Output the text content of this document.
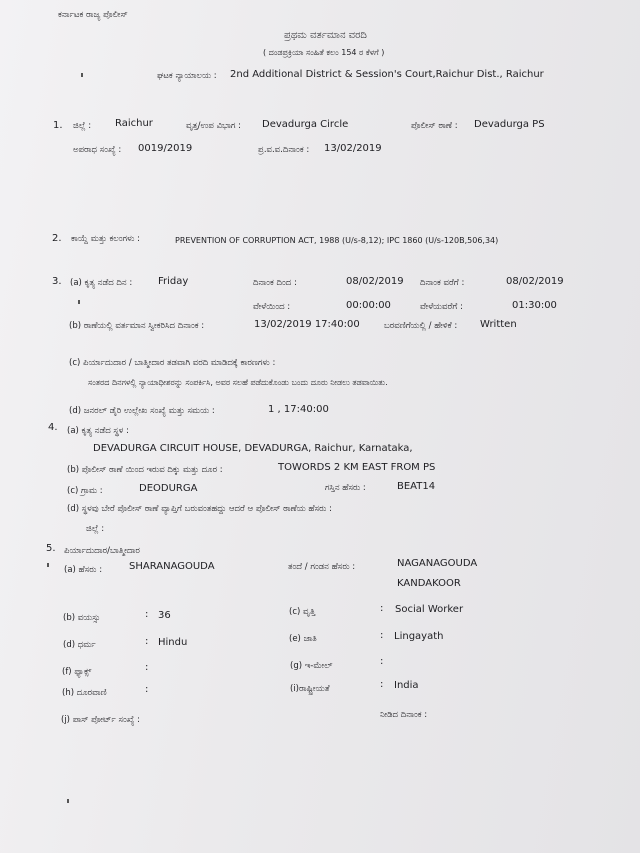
ಕರ್ನಾಟಕ ರಾಜ್ಯ ಪೊಲೀಸ್
ಪ್ರಥಮ ವರ್ತಮಾನ ವರದಿ
( ದಂಡಪ್ರಕ್ರಿಯಾ ಸಂಹಿತೆ ಕಲಂ 154 ರ ಕೆಳಗೆ )
ಘಟಕ ನ್ಯಾಯಾಲಯ : 2nd Additional District & Session's Court,Raichur Dist., Raichur
1. ಜಿಲ್ಲೆ : Raichur	ವೃತ್ತ/ಉಪ ವಿಭಾಗ : Devadurga Circle	ಪೊಲೀಸ್ ಠಾಣೆ : Devadurga PS
ಅಪರಾಧ ಸಂಖ್ಯೆ : 0019/2019	ಪ್ರ.ವ.ವ.ದಿನಾಂಕ : 13/02/2019
2. ಕಾಯ್ದೆ ಮತ್ತು ಕಲಂಗಳು :	PREVENTION OF CORRUPTION ACT, 1988 (U/s-8,12); IPC 1860 (U/s-120B,506,34)
3. (a) ಕೃತ್ಯ ನಡೆದ ದಿನ :	Friday	ದಿನಾಂಕ ದಿಂದ :	08/02/2019 ದಿನಾಂಕ ವರೆಗೆ :	08/02/2019
ವೇಳೆಯಿಂದ :	00:00:00	ವೇಳೆಯವರೆಗೆ :	01:30:00
(b) ಠಾಣೆಯಲ್ಲಿ ವರ್ತಮಾನ ಸ್ವೀಕರಿಸಿದ ದಿನಾಂಕ :	13/02/2019 17:40:00	ಬರವಣಿಗೆಯಲ್ಲಿ / ಹೇಳಿಕೆ : Written
(c) ಪಿರ್ಯಾದುದಾರ / ಬಾತ್ಮೀದಾರ ತಡವಾಗಿ ವರದಿ ಮಾಡಿದಕ್ಕೆ ಕಾರಣಗಳು :
ಸಂತರದ ದಿನಗಳಲ್ಲಿ ನ್ಯಾಯಾಧೀಶರನ್ನು ಸಂಪರ್ಕಿಸಿ, ಅವರ ಸಲಹೆ ಪಡೆದುಕೊಂಡು ಬಂದು ದೂರು ನೀಡಲು ತಡವಾಯಿತು.
(d) ಜನರಲ್ ಡೈರಿ ಉಲ್ಲೇಖ ಸಂಖ್ಯೆ ಮತ್ತು ಸಮಯ :	1 , 17:40:00
4. (a) ಕೃತ್ಯ ನಡೆದ ಸ್ಥಳ :
DEVADURGA CIRCUIT HOUSE, DEVADURGA, Raichur, Karnataka,
(b) ಪೊಲೀಸ್ ಠಾಣೆ ಯಿಂದ ಇರುವ ದಿಕ್ಕು ಮತ್ತು ದೂರ :	TOWORDS 2 KM EAST FROM PS
(c) ಗ್ರಾಮ :	DEODURGA	ಗಸ್ತಿನ ಹೆಸರು :	BEAT14
(d) ಸ್ಥಳವು ಬೇರೆ ಪೊಲೀಸ್ ಠಾಣೆ ವ್ಯಾಪ್ತಿಗೆ ಬರುವಂತಹದ್ದು ಆದರೆ ಆ ಪೊಲೀಸ್ ಠಾಣೆಯ ಹೆಸರು :
ಜಿಲ್ಲೆ :
5. ಪಿರ್ಯಾದುದಾರ/ಬಾತ್ಮೀದಾರ
(a) ಹೆಸರು :	SHARANAGOUDA	ತಂದೆ / ಗಂಡನ ಹೆಸರು :	NAGANAGOUDA
KANDAKOOR
(b) ವಯಸ್ಸು	: 36	(c) ವೃತ್ತಿ	: Social Worker
(d) ಧರ್ಮ	: Hindu	(e) ಜಾತಿ	: Lingayath
(f) ಫ್ಯಾಕ್ಸ್	:	(g) ಇ-ಮೇಲ್	:
(h) ದೂರವಾಣಿ	:	(i)ರಾಷ್ಟ್ರೀಯತೆ	: India
(j) ಪಾಸ್ ಪೋರ್ಟ್ ಸಂಖ್ಯೆ :	ನೀಡಿದ ದಿನಾಂಕ :
